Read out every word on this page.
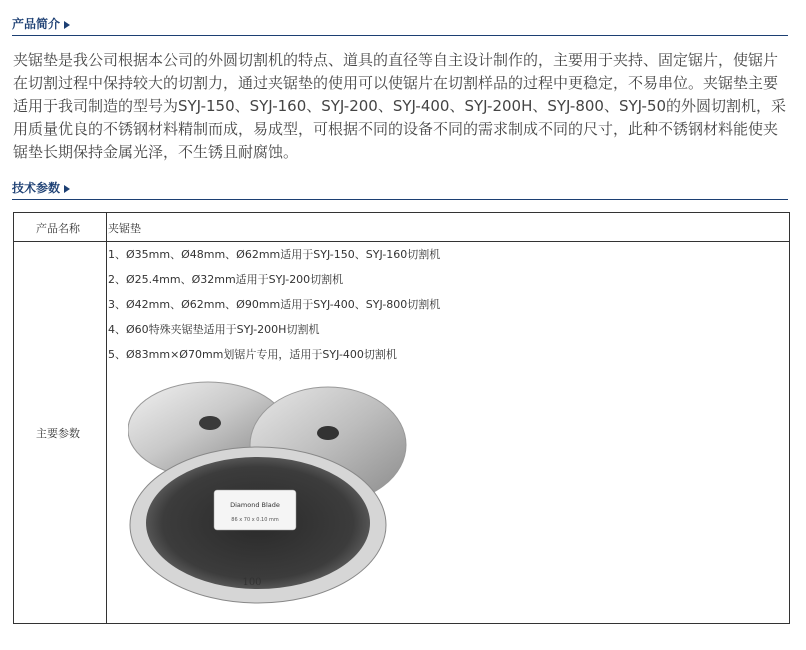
产品简介
夹锯垫是我公司根据本公司的外圆切割机的特点、道具的直径等自主设计制作的，主要用于夹持、固定锯片，使锯片在切割过程中保持较大的切割力，通过夹锯垫的使用可以使锯片在切割样品的过程中更稳定，不易串位。夹锯垫主要适用于我司制造的型号为SYJ-150、SYJ-160、SYJ-200、SYJ-400、SYJ-200H、SYJ-800、SYJ-50的外圆切割机，采用质量优良的不锈钢材料精制而成，易成型，可根据不同的设备不同的需求制成不同的尺寸，此种不锈钢材料能使夹锯垫长期保持金属光泽，不生锈且耐腐蚀。
技术参数
产品名称	夹锯垫
主要参数
1、Ø35mm、Ø48mm、Ø62mm适用于SYJ-150、SYJ-160切割机
2、Ø25.4mm、Ø32mm适用于SYJ-200切割机
3、Ø42mm、Ø62mm、Ø90mm适用于SYJ-400、SYJ-800切割机
4、Ø60特殊夹锯垫适用于SYJ-200H切割机
5、Ø83mm×Ø70mm划锯片专用，适用于SYJ-400切割机
Diamond Blade
86 x 70 x 0.10 mm
100
